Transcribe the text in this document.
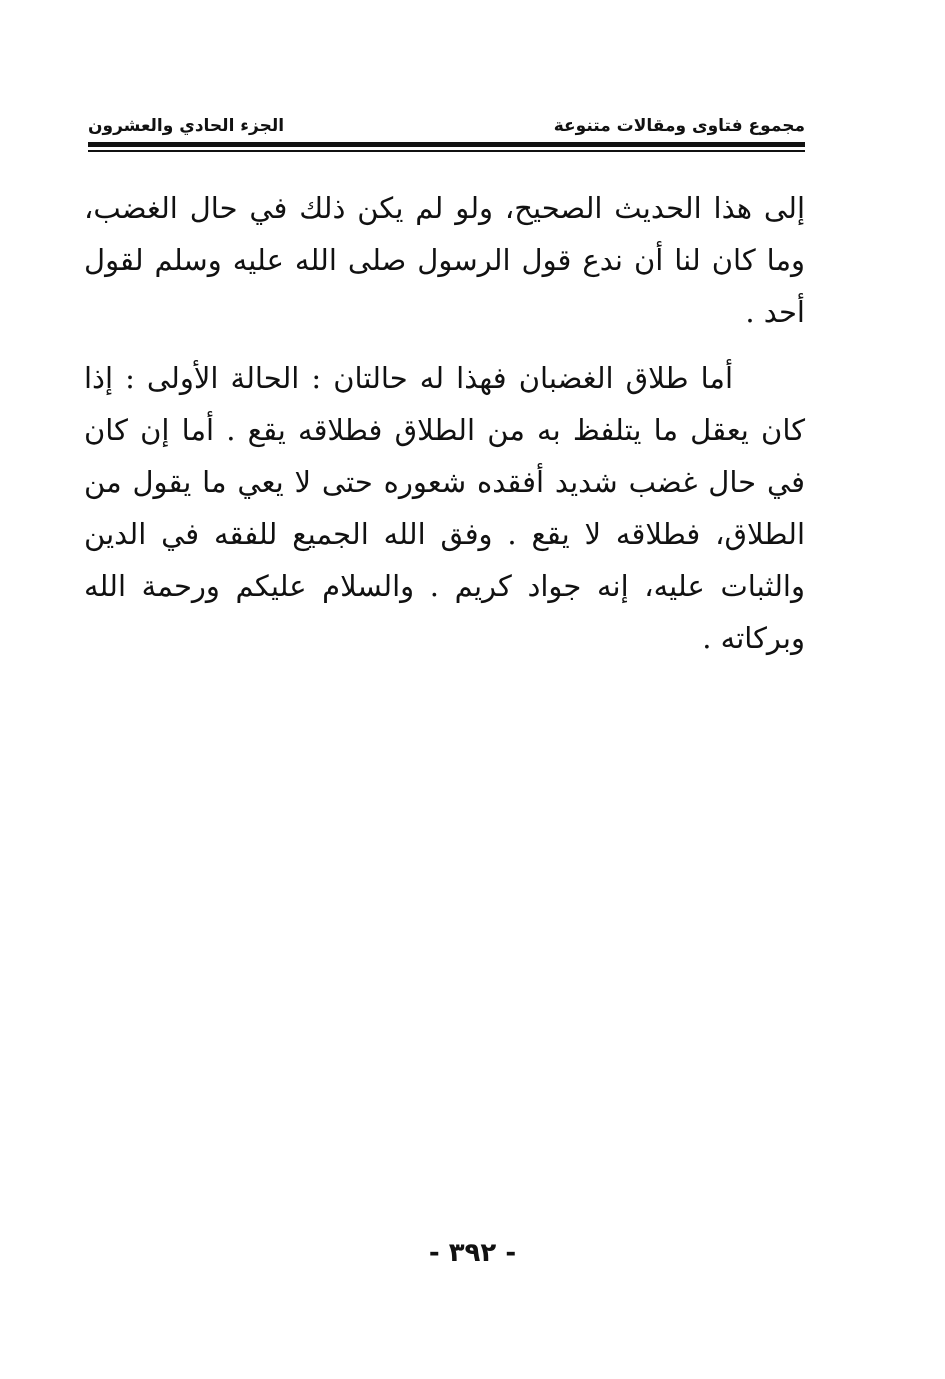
مجموع فتاوى ومقالات متنوعة
الجزء الحادي والعشرون

إلى هذا الحديث الصحيح، ولو لم يكن ذلك في حال الغضب، وما كان لنا أن ندع قول الرسول صلى الله عليه وسلم لقول أحد .

أما طلاق الغضبان فهذا له حالتان : الحالة الأولى : إذا كان يعقل ما يتلفظ به من الطلاق فطلاقه يقع . أما إن كان في حال غضب شديد أفقده شعوره حتى لا يعي ما يقول من الطلاق، فطلاقه لا يقع . وفق الله الجميع للفقه في الدين والثبات عليه، إنه جواد كريم . والسلام عليكم ورحمة الله وبركاته .

- ٣٩٢ -
